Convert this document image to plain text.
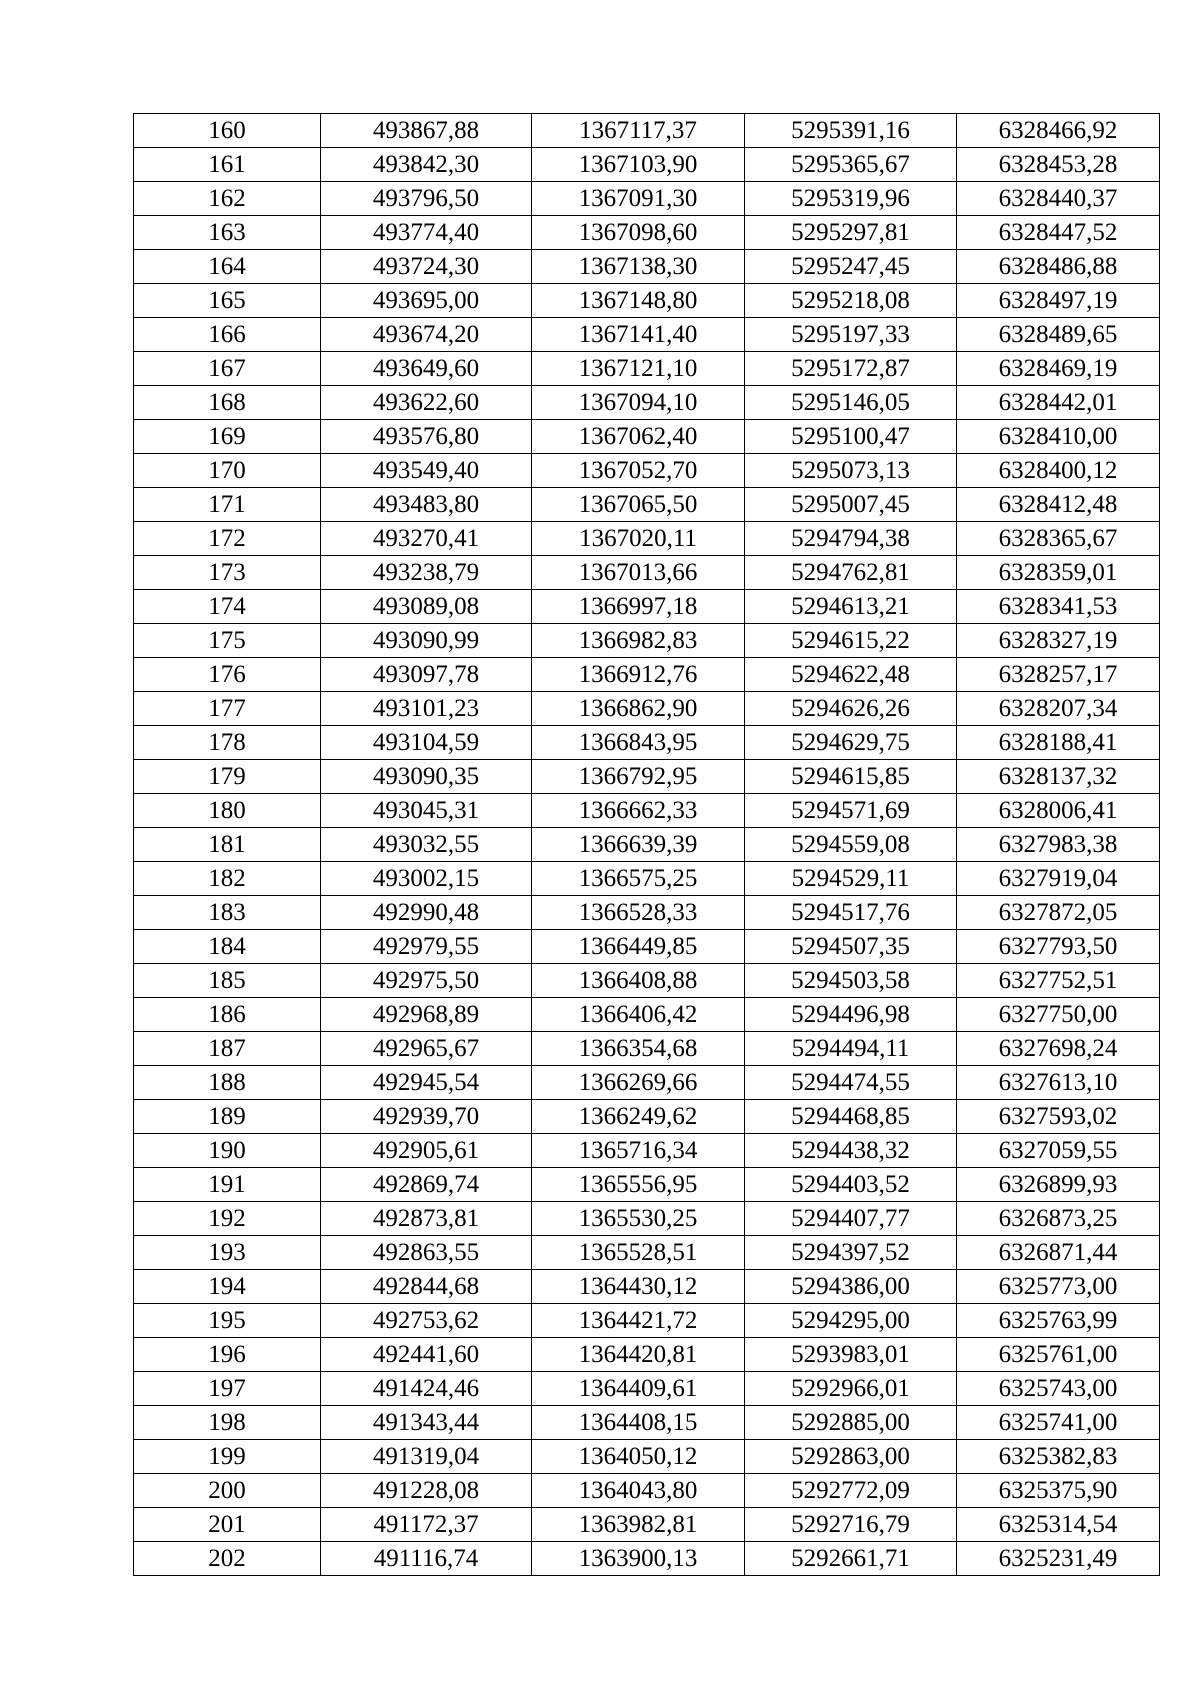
160	493867,88	1367117,37	5295391,16	6328466,92
161	493842,30	1367103,90	5295365,67	6328453,28
162	493796,50	1367091,30	5295319,96	6328440,37
163	493774,40	1367098,60	5295297,81	6328447,52
164	493724,30	1367138,30	5295247,45	6328486,88
165	493695,00	1367148,80	5295218,08	6328497,19
166	493674,20	1367141,40	5295197,33	6328489,65
167	493649,60	1367121,10	5295172,87	6328469,19
168	493622,60	1367094,10	5295146,05	6328442,01
169	493576,80	1367062,40	5295100,47	6328410,00
170	493549,40	1367052,70	5295073,13	6328400,12
171	493483,80	1367065,50	5295007,45	6328412,48
172	493270,41	1367020,11	5294794,38	6328365,67
173	493238,79	1367013,66	5294762,81	6328359,01
174	493089,08	1366997,18	5294613,21	6328341,53
175	493090,99	1366982,83	5294615,22	6328327,19
176	493097,78	1366912,76	5294622,48	6328257,17
177	493101,23	1366862,90	5294626,26	6328207,34
178	493104,59	1366843,95	5294629,75	6328188,41
179	493090,35	1366792,95	5294615,85	6328137,32
180	493045,31	1366662,33	5294571,69	6328006,41
181	493032,55	1366639,39	5294559,08	6327983,38
182	493002,15	1366575,25	5294529,11	6327919,04
183	492990,48	1366528,33	5294517,76	6327872,05
184	492979,55	1366449,85	5294507,35	6327793,50
185	492975,50	1366408,88	5294503,58	6327752,51
186	492968,89	1366406,42	5294496,98	6327750,00
187	492965,67	1366354,68	5294494,11	6327698,24
188	492945,54	1366269,66	5294474,55	6327613,10
189	492939,70	1366249,62	5294468,85	6327593,02
190	492905,61	1365716,34	5294438,32	6327059,55
191	492869,74	1365556,95	5294403,52	6326899,93
192	492873,81	1365530,25	5294407,77	6326873,25
193	492863,55	1365528,51	5294397,52	6326871,44
194	492844,68	1364430,12	5294386,00	6325773,00
195	492753,62	1364421,72	5294295,00	6325763,99
196	492441,60	1364420,81	5293983,01	6325761,00
197	491424,46	1364409,61	5292966,01	6325743,00
198	491343,44	1364408,15	5292885,00	6325741,00
199	491319,04	1364050,12	5292863,00	6325382,83
200	491228,08	1364043,80	5292772,09	6325375,90
201	491172,37	1363982,81	5292716,79	6325314,54
202	491116,74	1363900,13	5292661,71	6325231,49
